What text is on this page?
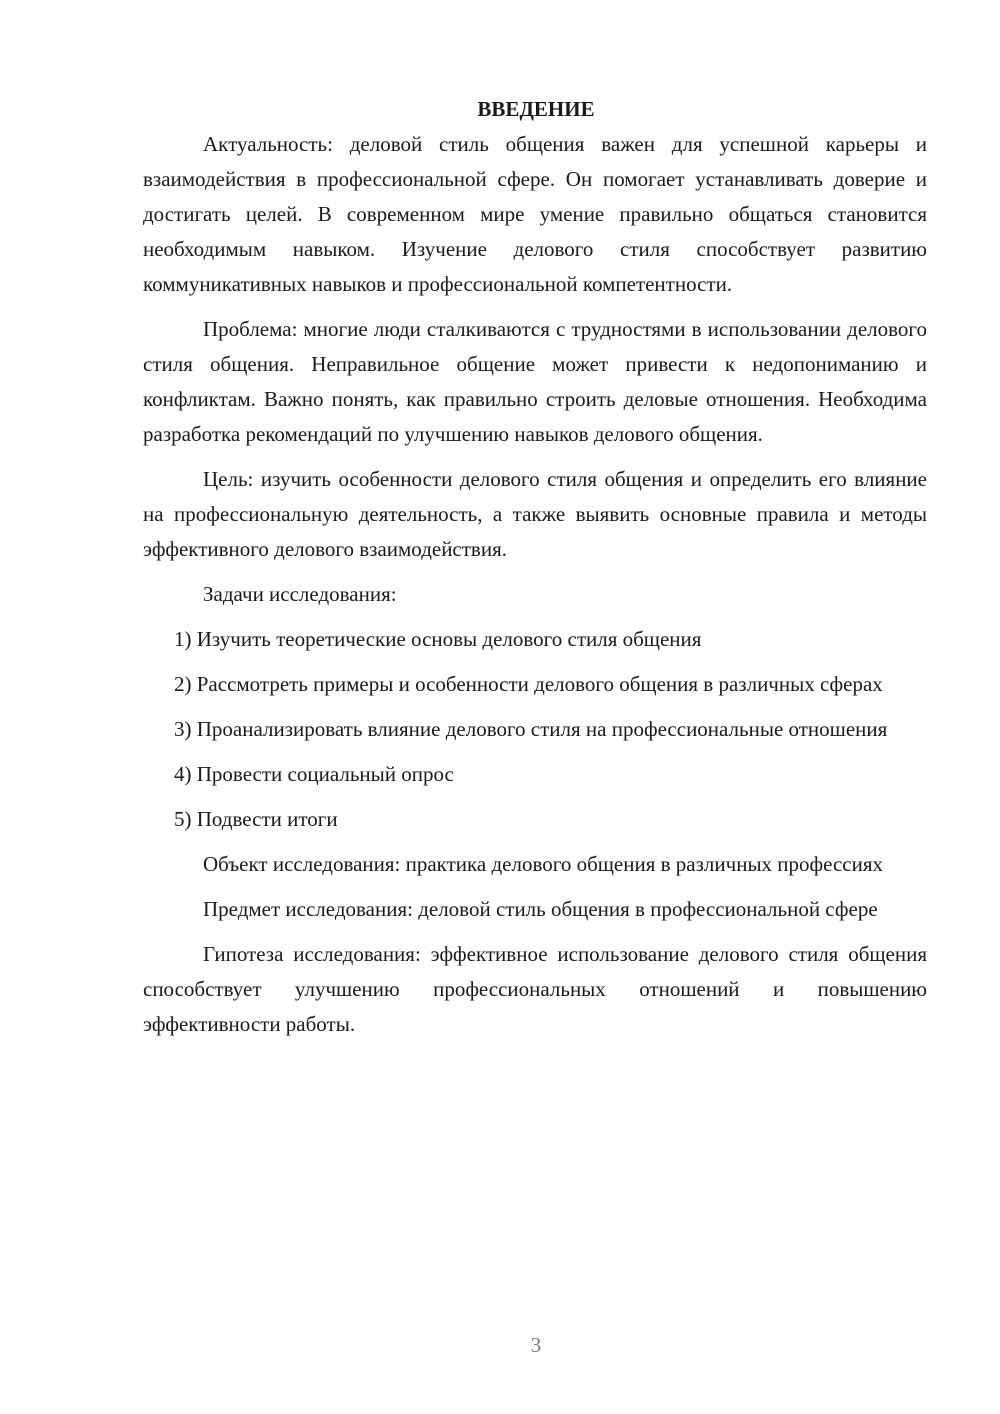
ВВЕДЕНИЕ

Актуальность: деловой стиль общения важен для успешной карьеры и взаимодействия в профессиональной сфере. Он помогает устанавливать доверие и достигать целей. В современном мире умение правильно общаться становится необходимым навыком. Изучение делового стиля способствует развитию коммуникативных навыков и профессиональной компетентности.

Проблема: многие люди сталкиваются с трудностями в использовании делового стиля общения. Неправильное общение может привести к недопониманию и конфликтам. Важно понять, как правильно строить деловые отношения. Необходима разработка рекомендаций по улучшению навыков делового общения.

Цель: изучить особенности делового стиля общения и определить его влияние на профессиональную деятельность, а также выявить основные правила и методы эффективного делового взаимодействия.

Задачи исследования:

1) Изучить теоретические основы делового стиля общения
2) Рассмотреть примеры и особенности делового общения в различных сферах
3) Проанализировать влияние делового стиля на профессиональные отношения
4) Провести социальный опрос
5) Подвести итоги

Объект исследования: практика делового общения в различных профессиях

Предмет исследования: деловой стиль общения в профессиональной сфере

Гипотеза исследования: эффективное использование делового стиля общения способствует улучшению профессиональных отношений и повышению эффективности работы.

3
